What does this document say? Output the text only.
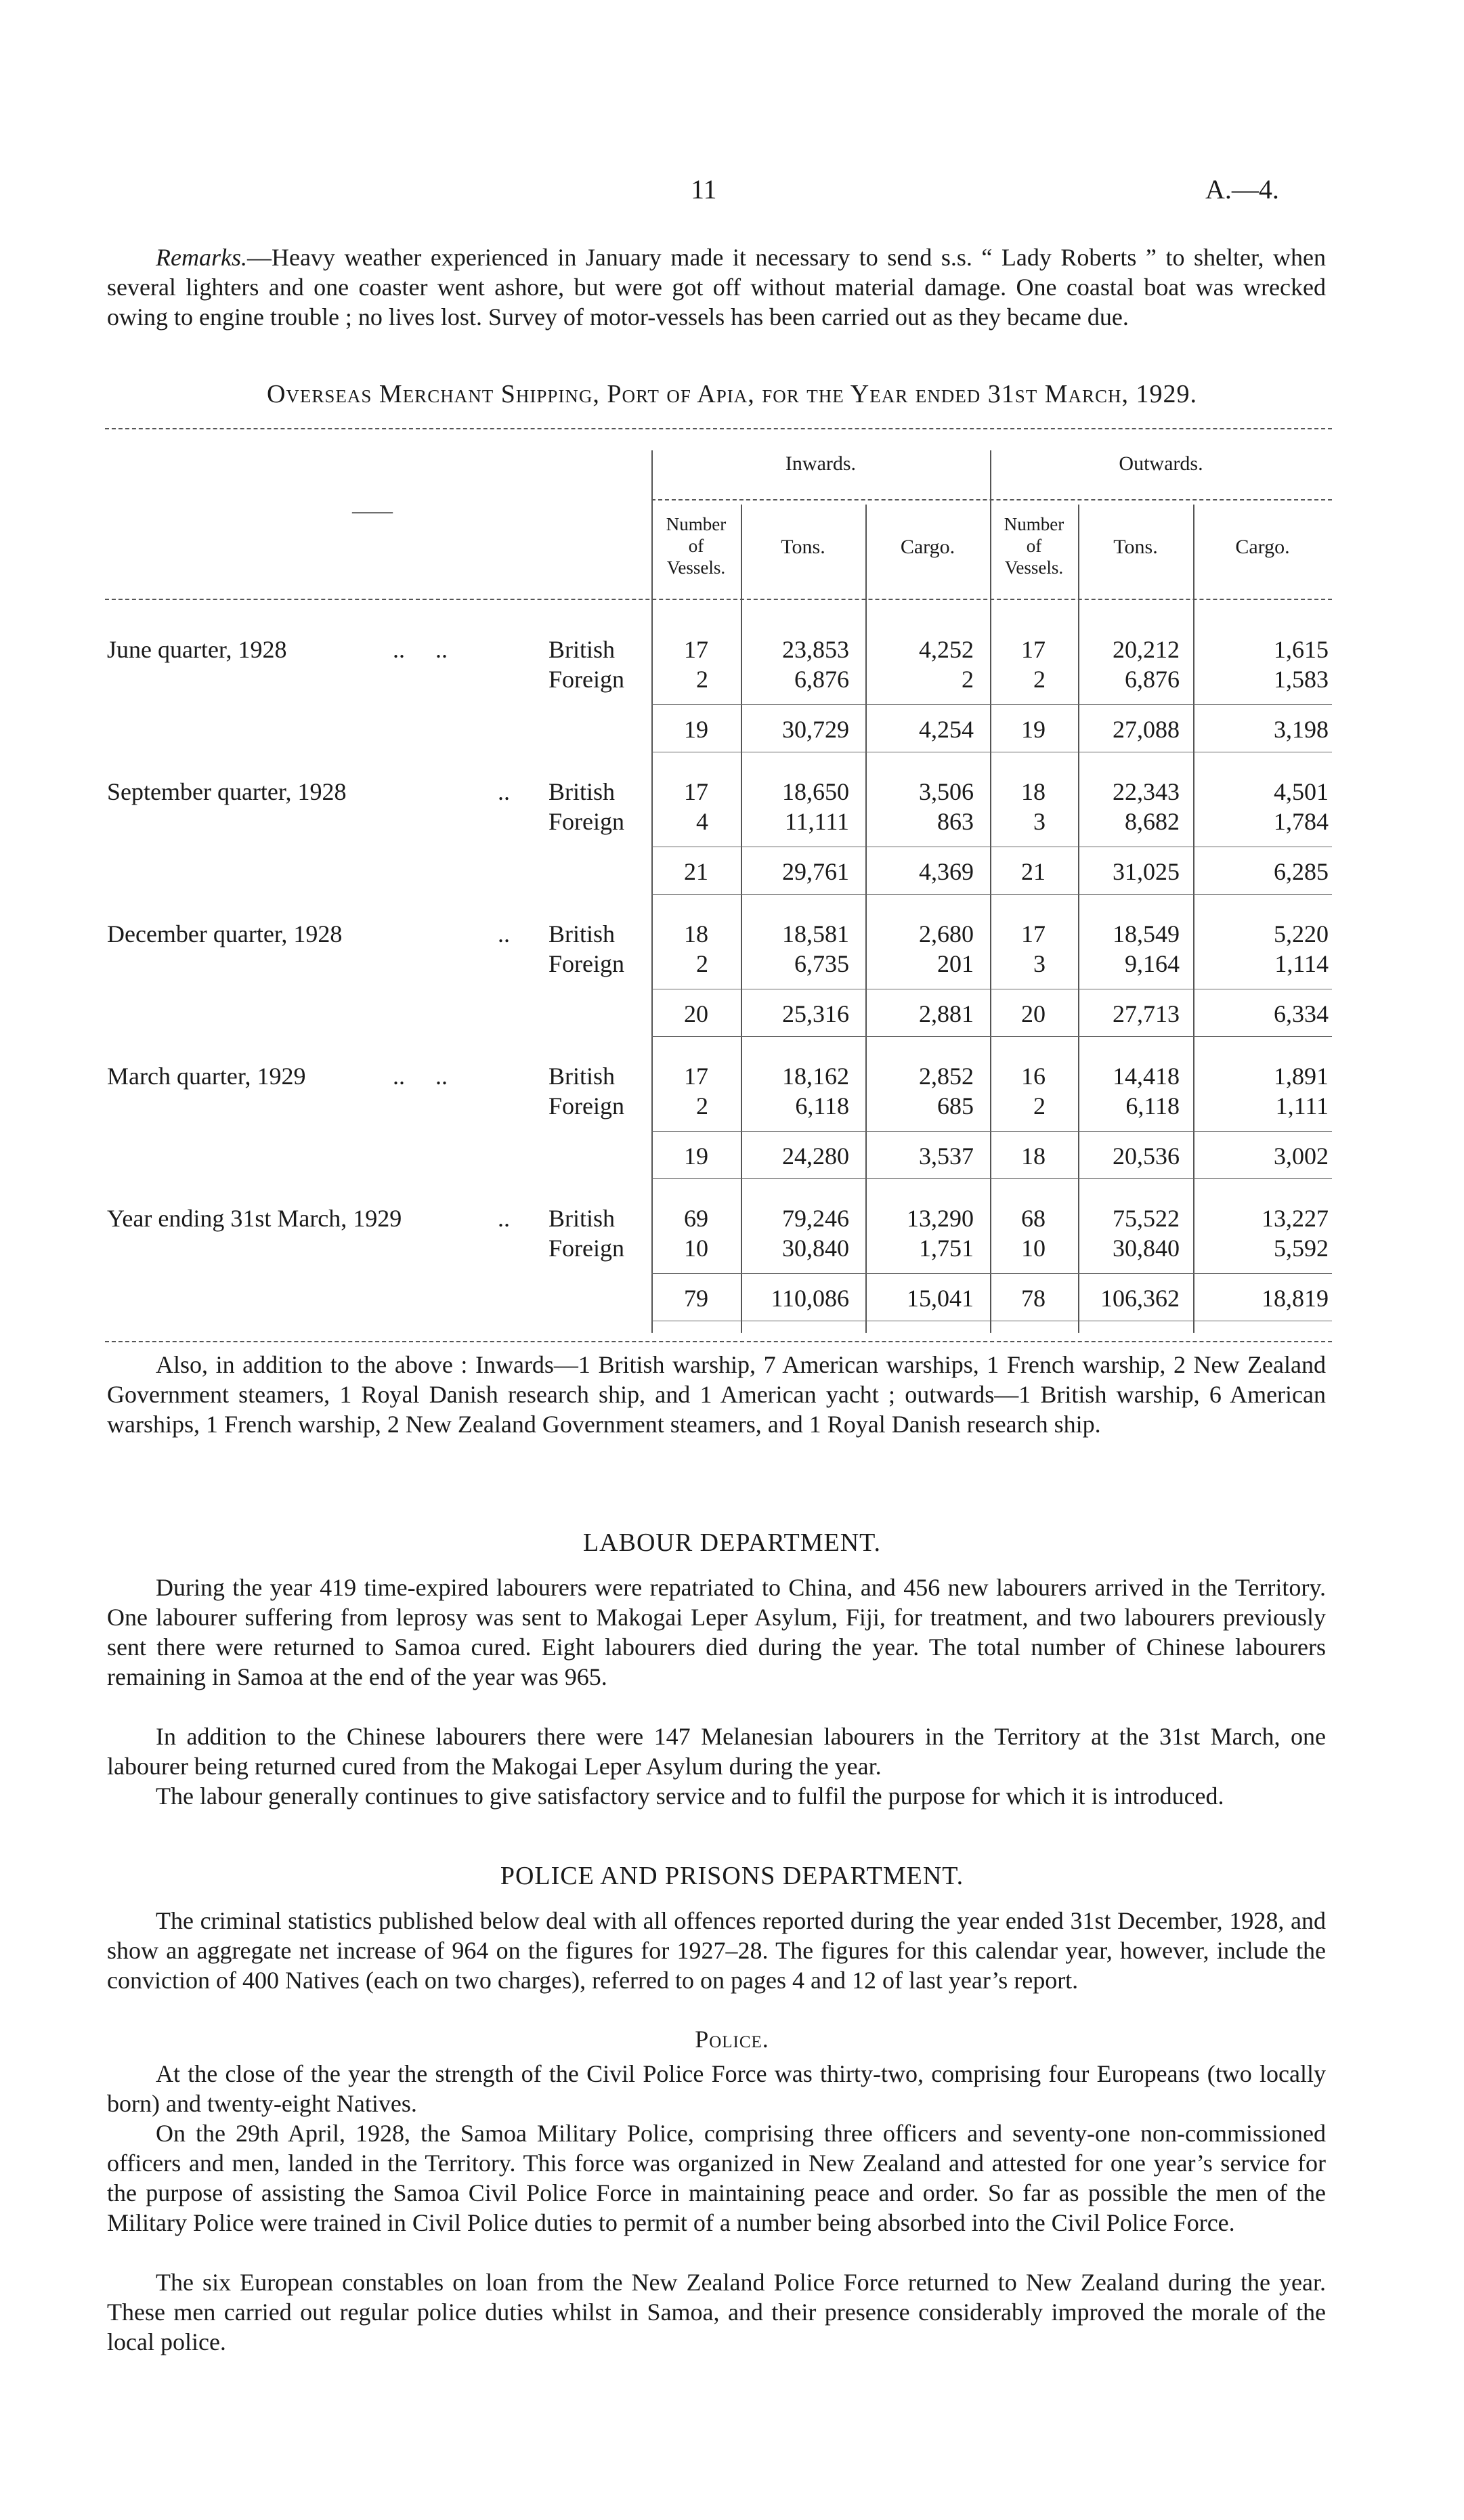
11	A.—4.
Remarks.—Heavy weather experienced in January made it necessary to send s.s. “ Lady Roberts ” to shelter, when several lighters and one coaster went ashore, but were got off without material damage. One coastal boat was wrecked owing to engine trouble ; no lives lost. Survey of motor-vessels has been carried out as they became due.
Overseas Merchant Shipping, Port of Apia, for the Year ended 31st March, 1929.
Inwards.	Outwards.
——
Number
of
Vessels.
Tons.	Cargo.
Number
of
Vessels.
Tons.	Cargo.
June quarter, 1928	..     ..	British	17	23,853	4,252 17	20,212	1,615
Foreign	2	6,876	2 2	6,876	1,583
19	30,729	4,254 19	27,088	3,198
September quarter, 1928	.. British	17	18,650	3,506 18	22,343	4,501
Foreign	4	11,111	863 3	8,682	1,784
21	29,761	4,369 21	31,025	6,285
December quarter, 1928	.. British	18	18,581	2,680 17	18,549	5,220
Foreign	2	6,735	201 3	9,164	1,114
20	25,316	2,881 20	27,713	6,334
March quarter, 1929	..     ..	British	17	18,162	2,852 16	14,418	1,891
Foreign	2	6,118	685 2	6,118	1,111
19	24,280	3,537 18	20,536	3,002
Year ending 31st March, 1929	.. British	69	79,246 13,290 68	75,522	13,227
Foreign 10	30,840	1,751 10	30,840	5,592
79	110,086 15,041 78 106,362	18,819
Also, in addition to the above : Inwards—1 British warship, 7 American warships, 1 French warship, 2 New Zealand Government steamers, 1 Royal Danish research ship, and 1 American yacht ; outwards—1 British warship, 6 American warships, 1 French warship, 2 New Zealand Government steamers, and 1 Royal Danish research ship.
LABOUR DEPARTMENT.
During the year 419 time-expired labourers were repatriated to China, and 456 new labourers arrived in the Territory. One labourer suffering from leprosy was sent to Makogai Leper Asylum, Fiji, for treatment, and two labourers previously sent there were returned to Samoa cured. Eight labourers died during the year. The total number of Chinese labourers remaining in Samoa at the end of the year was 965.
In addition to the Chinese labourers there were 147 Melanesian labourers in the Territory at the 31st March, one labourer being returned cured from the Makogai Leper Asylum during the year.
The labour generally continues to give satisfactory service and to fulfil the purpose for which it is introduced.
POLICE AND PRISONS DEPARTMENT.
The criminal statistics published below deal with all offences reported during the year ended 31st December, 1928, and show an aggregate net increase of 964 on the figures for 1927–28. The figures for this calendar year, however, include the conviction of 400 Natives (each on two charges), referred to on pages 4 and 12 of last year’s report.
Police.
At the close of the year the strength of the Civil Police Force was thirty-two, comprising four Europeans (two locally born) and twenty-eight Natives.
On the 29th April, 1928, the Samoa Military Police, comprising three officers and seventy-one non-commissioned officers and men, landed in the Territory. This force was organized in New Zealand and attested for one year’s service for the purpose of assisting the Samoa Civil Police Force in maintaining peace and order. So far as possible the men of the Military Police were trained in Civil Police duties to permit of a number being absorbed into the Civil Police Force.
The six European constables on loan from the New Zealand Police Force returned to New Zealand during the year. These men carried out regular police duties whilst in Samoa, and their presence considerably improved the morale of the local police.
